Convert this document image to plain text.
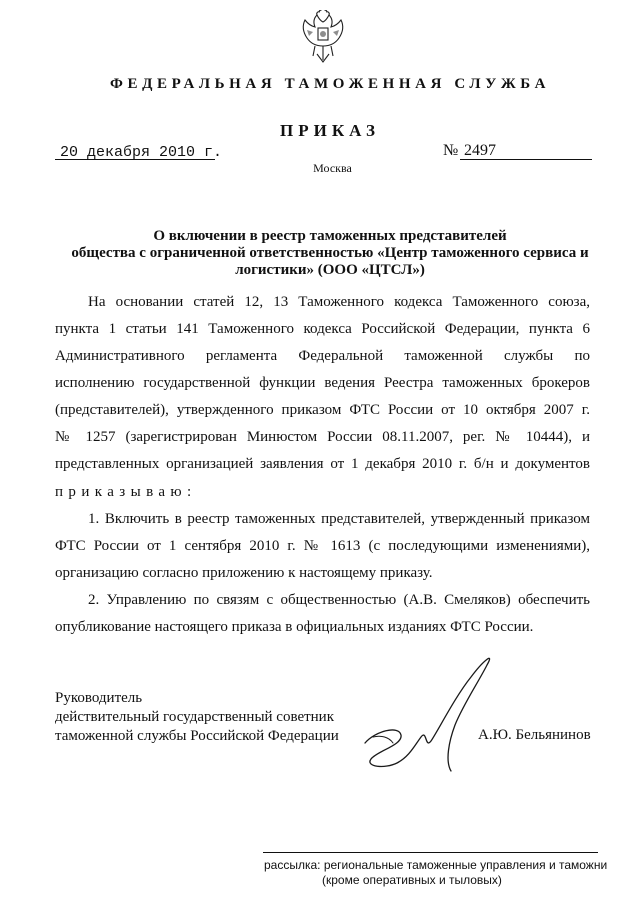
ФЕДЕРАЛЬНАЯ ТАМОЖЕННАЯ СЛУЖБА
ПРИКАЗ
20 декабря 2010 г.	№ 2497
Москва
О включении в реестр таможенных представителей
общества с ограниченной ответственностью «Центр таможенного сервиса и
логистики» (ООО «ЦТСЛ»)
На основании статей 12, 13 Таможенного кодекса Таможенного союза,
пункта 1 статьи 141 Таможенного кодекса Российской Федерации, пункта 6
Административного регламента Федеральной таможенной службы по
исполнению государственной функции ведения Реестра таможенных брокеров
(представителей), утвержденного приказом ФТС России от 10 октября 2007 г.
№ 1257 (зарегистрирован Минюстом России 08.11.2007, рег. № 10444), и
представленных организацией заявления от 1 декабря 2010 г. б/н и документов
приказываю:
1. Включить в реестр таможенных представителей, утвержденный приказом
ФТС России от 1 сентября 2010 г. № 1613 (с последующими изменениями),
организацию согласно приложению к настоящему приказу.
2. Управлению по связям с общественностью (А.В. Смеляков) обеспечить
опубликование настоящего приказа в официальных изданиях ФТС России.
Руководитель
действительный государственный советник
таможенной службы Российской Федерации	А.Ю. Бельянинов
рассылка: региональные таможенные управления и таможни
(кроме оперативных и тыловых)
